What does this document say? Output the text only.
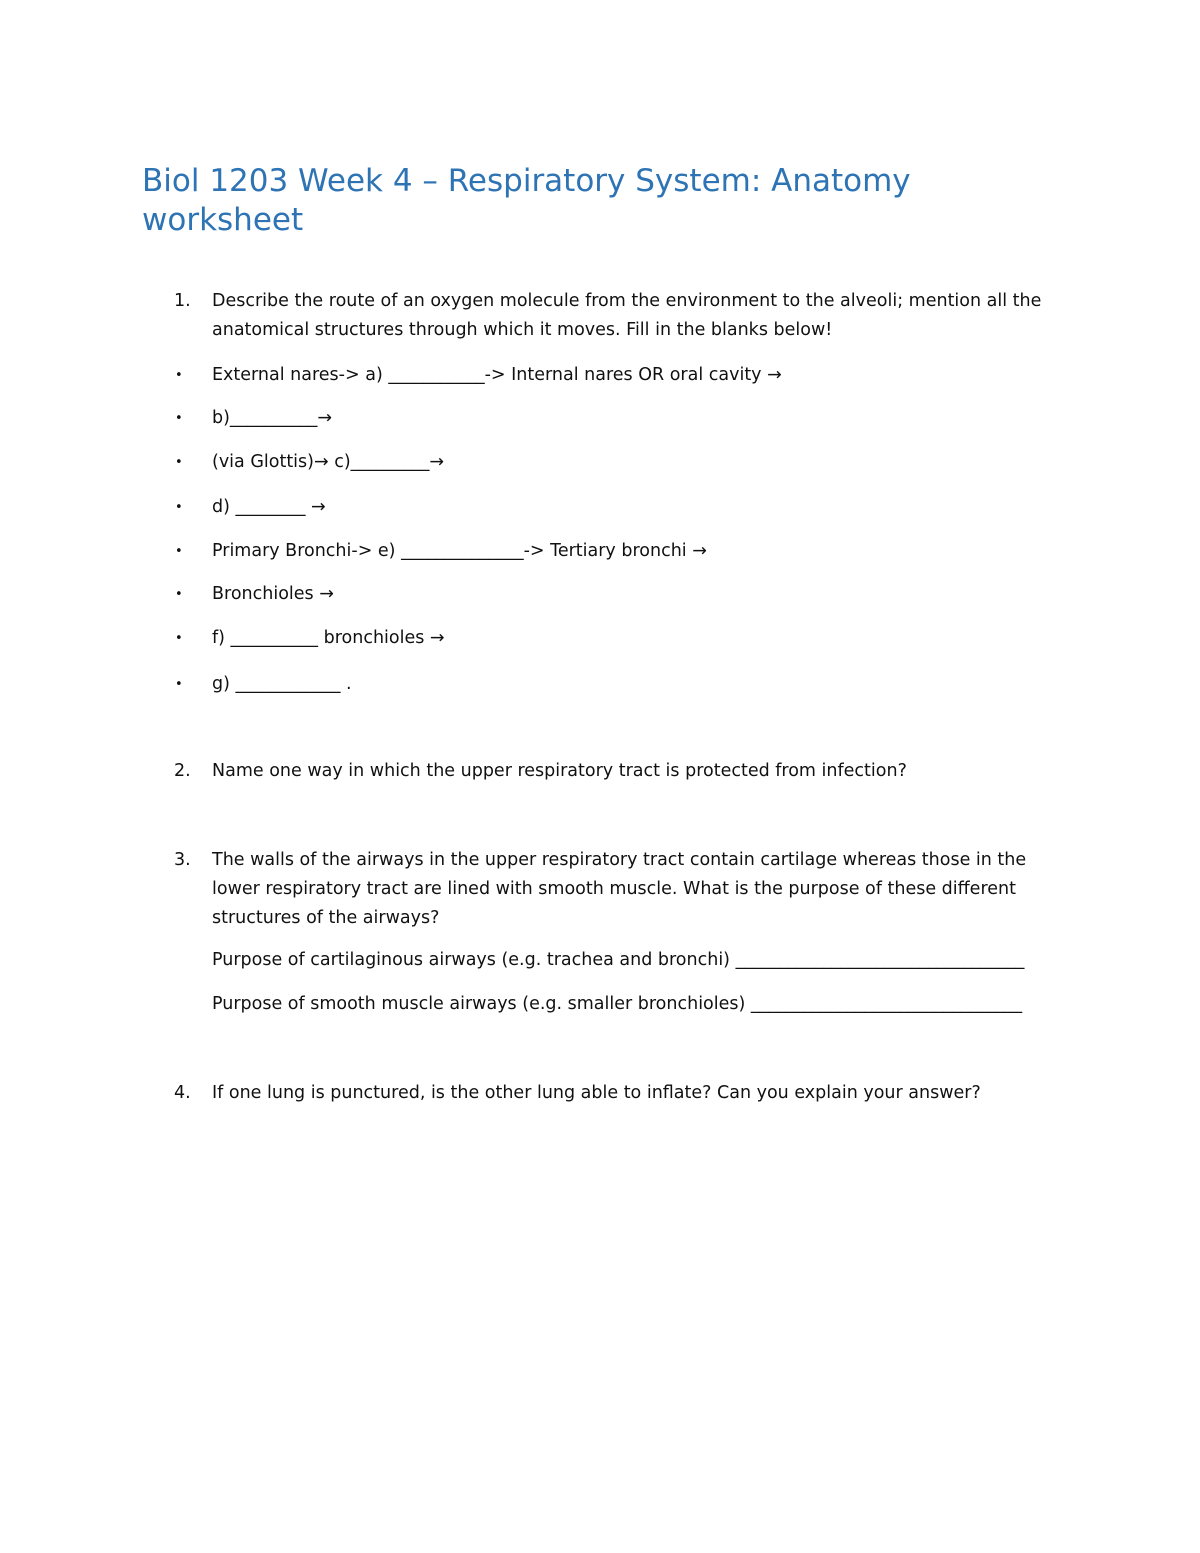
Biol 1203 Week 4 – Respiratory System: Anatomy worksheet
1. Describe the route of an oxygen molecule from the environment to the alveoli; mention all the anatomical structures through which it moves. Fill in the blanks below!
• External nares-> a) ___________-> Internal nares OR oral cavity →
• b)__________→
• (via Glottis)→ c)_________→
• d) ________ →
• Primary Bronchi-> e) ______________-> Tertiary bronchi →
• Bronchioles →
• f) __________ bronchioles →
• g) ____________ .
2. Name one way in which the upper respiratory tract is protected from infection?
3. The walls of the airways in the upper respiratory tract contain cartilage whereas those in the lower respiratory tract are lined with smooth muscle. What is the purpose of these different structures of the airways?
Purpose of cartilaginous airways (e.g. trachea and bronchi) _________________________________
Purpose of smooth muscle airways (e.g. smaller bronchioles) _______________________________
4. If one lung is punctured, is the other lung able to inflate? Can you explain your answer?
